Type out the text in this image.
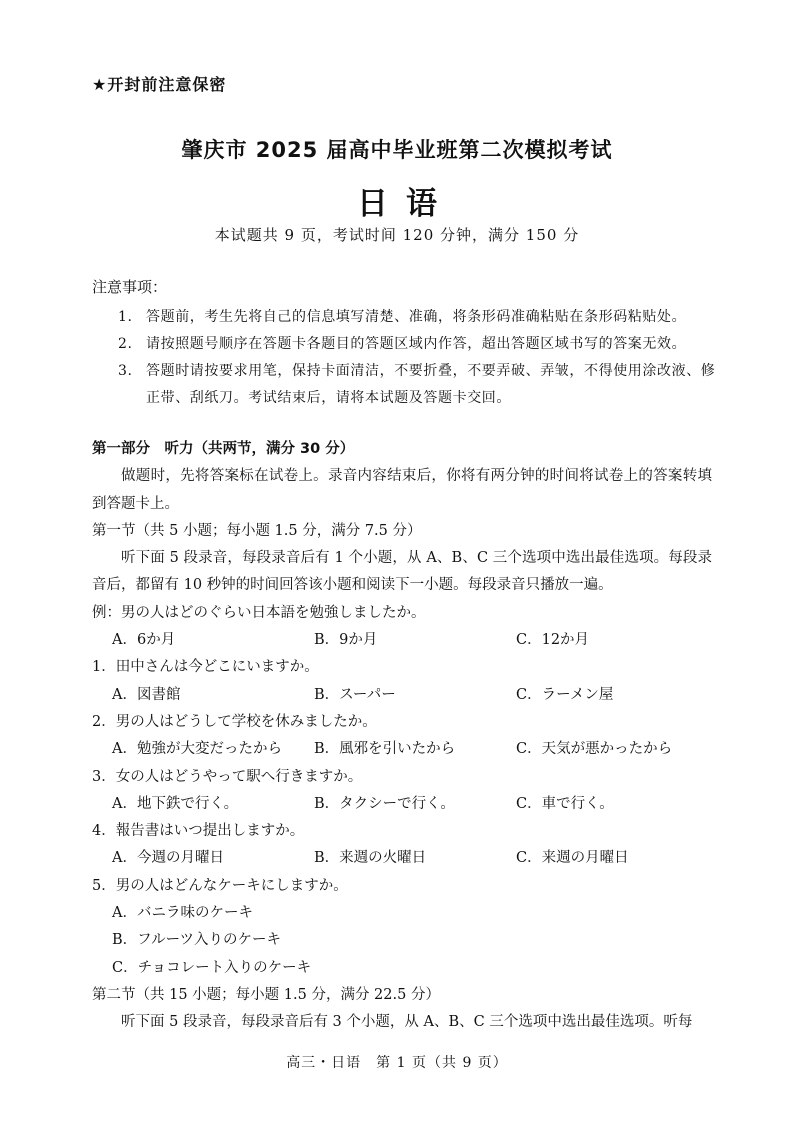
★开封前注意保密
肇庆市 2025 届高中毕业班第二次模拟考试
日语
本试题共 9 页，考试时间 120 分钟，满分 150 分
注意事项：
1. 答题前，考生先将自己的信息填写清楚、准确，将条形码准确粘贴在条形码粘贴处。
2. 请按照题号顺序在答题卡各题目的答题区域内作答，超出答题区域书写的答案无效。
3. 答题时请按要求用笔，保持卡面清洁，不要折叠，不要弄破、弄皱，不得使用涂改液、修正带、刮纸刀。考试结束后，请将本试题及答题卡交回。
第一部分　听力（共两节，满分 30 分）
做题时，先将答案标在试卷上。录音内容结束后，你将有两分钟的时间将试卷上的答案转填到答题卡上。
第一节（共 5 小题；每小题 1.5 分，满分 7.5 分）
听下面 5 段录音，每段录音后有 1 个小题，从 A、B、C 三个选项中选出最佳选项。每段录音后，都留有 10 秒钟的时间回答该小题和阅读下一小题。每段录音只播放一遍。
例：男の人はどのぐらい日本語を勉強しましたか。
A．6か月	B．9か月	C．12か月
1．田中さんは今どこにいますか。
A．図書館	B．スーパー	C．ラーメン屋
2．男の人はどうして学校を休みましたか。
A．勉強が大変だったから	B．風邪を引いたから	C．天気が悪かったから
3．女の人はどうやって駅へ行きますか。
A．地下鉄で行く。	B．タクシーで行く。	C．車で行く。
4．報告書はいつ提出しますか。
A．今週の月曜日	B．来週の火曜日	C．来週の月曜日
5．男の人はどんなケーキにしますか。
A．バニラ味のケーキ
B．フルーツ入りのケーキ
C．チョコレート入りのケーキ
第二节（共 15 小题；每小题 1.5 分，满分 22.5 分）
听下面 5 段录音，每段录音后有 3 个小题，从 A、B、C 三个选项中选出最佳选项。听每
高三・日语　第 1 页（共 9 页）
